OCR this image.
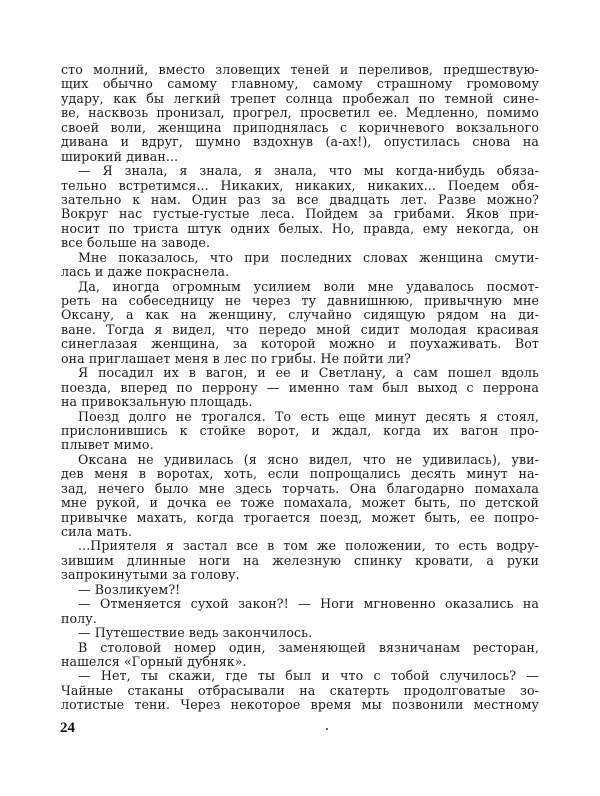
сто молний, вместо зловещих теней и переливов, предшествую-
щих обычно самому главному, самому страшному громовому
удару, как бы легкий трепет солнца пробежал по темной сине-
ве, насквозь пронизал, прогрел, просветил ее. Медленно, помимо
своей воли, женщина приподнялась с коричневого вокзального
дивана и вдруг, шумно вздохнув (а-ах!), опустилась снова на
широкий диван...
— Я знала, я знала, я знала, что мы когда-нибудь обяза-
тельно встретимся... Никаких, никаких, никаких... Поедем обя-
зательно к нам. Один раз за все двадцать лет. Разве можно?
Вокруг нас густые-густые леса. Пойдем за грибами. Яков при-
носит по триста штук одних белых. Но, правда, ему некогда, он
все больше на заводе.
Мне показалось, что при последних словах женщина смути-
лась и даже покраснела.
Да, иногда огромным усилием воли мне удавалось посмот-
реть на собеседницу не через ту давнишнюю, привычную мне
Оксану, а как на женщину, случайно сидящую рядом на ди-
ване. Тогда я видел, что передо мной сидит молодая красивая
синеглазая женщина, за которой можно и поухаживать. Вот
она приглашает меня в лес по грибы. Не пойти ли?
Я посадил их в вагон, и ее и Светлану, а сам пошел вдоль
поезда, вперед по перрону — именно там был выход с перрона
на привокзальную площадь.
Поезд долго не трогался. То есть еще минут десять я стоял,
прислонившись к стойке ворот, и ждал, когда их вагон про-
плывет мимо.
Оксана не удивилась (я ясно видел, что не удивилась), уви-
дев меня в воротах, хоть, если попрощались десять минут на-
зад, нечего было мне здесь торчать. Она благодарно помахала
мне рукой, и дочка ее тоже помахала, может быть, по детской
привычке махать, когда трогается поезд, может быть, ее попро-
сила мать.
...Приятеля я застал все в том же положении, то есть водру-
зившим длинные ноги на железную спинку кровати, а руки
запрокинутыми за голову.
— Возликуем?!
— Отменяется сухой закон?! — Ноги мгновенно оказались на
полу.
— Путешествие ведь закончилось.
В столовой номер один, заменяющей вязничанам ресторан,
нашелся «Горный дубняк».
— Нет, ты скажи, где ты был и что с тобой случилось? —
Чайные стаканы отбрасывали на скатерть продолговатые зо-
лотистые тени. Через некоторое время мы позвонили местному
24
